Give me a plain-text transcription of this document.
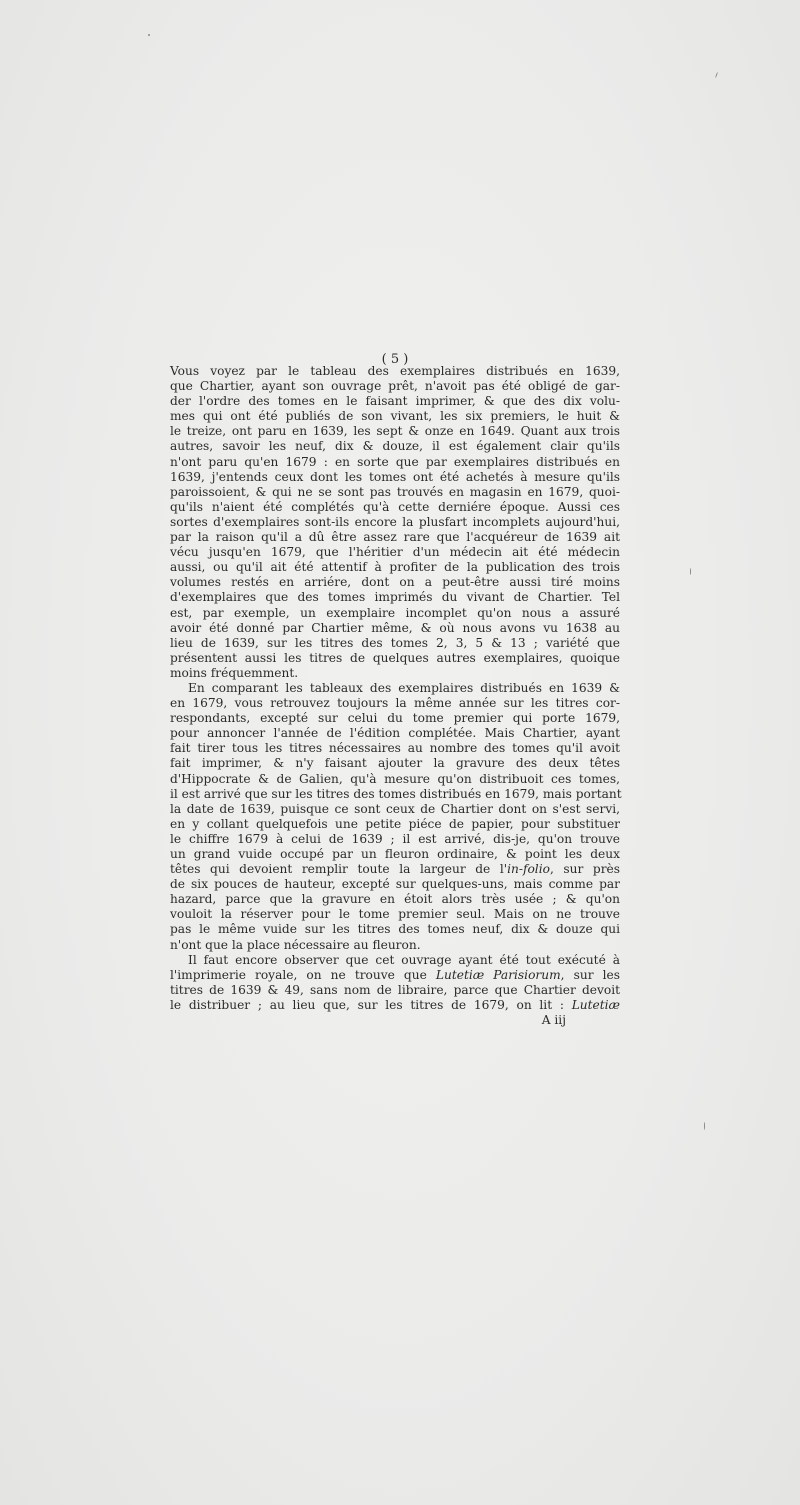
( 5 )
Vous voyez par le tableau des exemplaires distribués en 1639,
que Chartier, ayant son ouvrage prêt, n'avoit pas été obligé de gar-
der l'ordre des tomes en le faisant imprimer, & que des dix volu-
mes qui ont été publiés de son vivant, les six premiers, le huit &
le treize, ont paru en 1639, les sept & onze en 1649. Quant aux trois
autres, savoir les neuf, dix & douze, il est également clair qu'ils
n'ont paru qu'en 1679 : en sorte que par exemplaires distribués en
1639, j'entends ceux dont les tomes ont été achetés à mesure qu'ils
paroissoient, & qui ne se sont pas trouvés en magasin en 1679, quoi-
qu'ils n'aient été complétés qu'à cette derniére époque. Aussi ces
sortes d'exemplaires sont-ils encore la plusfart incomplets aujourd'hui,
par la raison qu'il a dû être assez rare que l'acquéreur de 1639 ait
vécu jusqu'en 1679, que l'héritier d'un médecin ait été médecin
aussi, ou qu'il ait été attentif à profiter de la publication des trois
volumes restés en arriére, dont on a peut-être aussi tiré moins
d'exemplaires que des tomes imprimés du vivant de Chartier. Tel
est, par exemple, un exemplaire incomplet qu'on nous a assuré
avoir été donné par Chartier même, & où nous avons vu 1638 au
lieu de 1639, sur les titres des tomes 2, 3, 5 & 13 ; variété que
présentent aussi les titres de quelques autres exemplaires, quoique
moins fréquemment.
En comparant les tableaux des exemplaires distribués en 1639 &
en 1679, vous retrouvez toujours la même année sur les titres cor-
respondants, excepté sur celui du tome premier qui porte 1679,
pour annoncer l'année de l'édition complétée. Mais Chartier, ayant
fait tirer tous les titres nécessaires au nombre des tomes qu'il avoit
fait imprimer, & n'y faisant ajouter la gravure des deux têtes
d'Hippocrate & de Galien, qu'à mesure qu'on distribuoit ces tomes,
il est arrivé que sur les titres des tomes distribués en 1679, mais portant
la date de 1639, puisque ce sont ceux de Chartier dont on s'est servi,
en y collant quelquefois une petite piéce de papier, pour substituer
le chiffre 1679 à celui de 1639 ; il est arrivé, dis-je, qu'on trouve
un grand vuide occupé par un fleuron ordinaire, & point les deux
têtes qui devoient remplir toute la largeur de l'in-folio, sur près
de six pouces de hauteur, excepté sur quelques-uns, mais comme par
hazard, parce que la gravure en étoit alors très usée ; & qu'on
vouloit la réserver pour le tome premier seul. Mais on ne trouve
pas le même vuide sur les titres des tomes neuf, dix & douze qui
n'ont que la place nécessaire au fleuron.
Il faut encore observer que cet ouvrage ayant été tout exécuté à
l'imprimerie royale, on ne trouve que Lutetiæ Parisiorum, sur les
titres de 1639 & 49, sans nom de libraire, parce que Chartier devoit
le distribuer ; au lieu que, sur les titres de 1679, on lit : Lutetiæ
A iij
